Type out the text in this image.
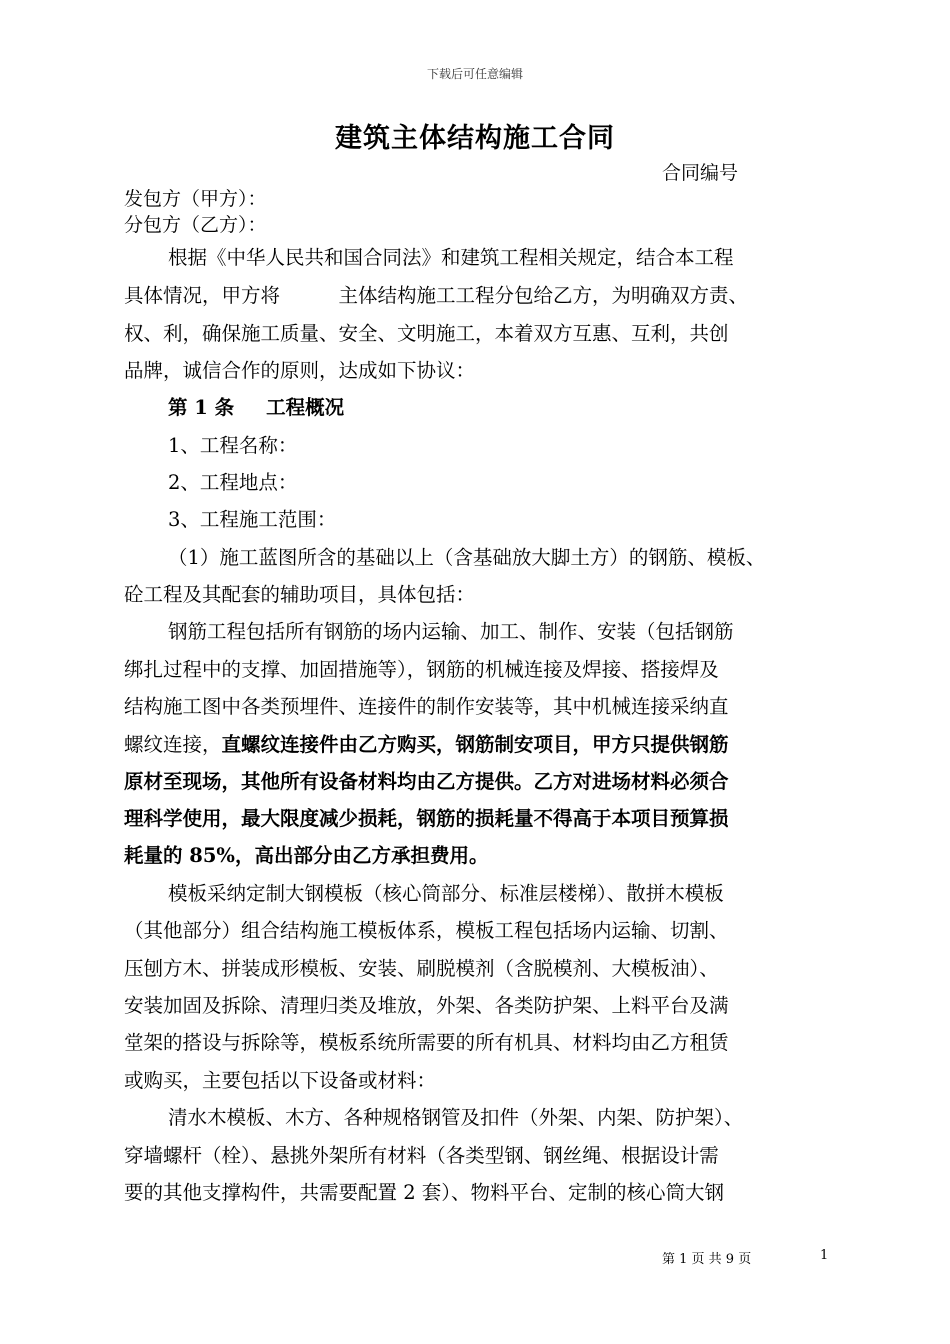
下载后可任意编辑
建筑主体结构施工合同
合同编号
发包方（甲方）：
分包方（乙方）：
根据《中华人民共和国合同法》和建筑工程相关规定，结合本工程
具体情况，甲方将　　　主体结构施工工程分包给乙方，为明确双方责、
权、利，确保施工质量、安全、文明施工，本着双方互惠、互利，共创
品牌，诚信合作的原则，达成如下协议：
第 1 条 工程概况
1、工程名称：
2、工程地点：
3、工程施工范围：
（1）施工蓝图所含的基础以上（含基础放大脚土方）的钢筋、模板、
砼工程及其配套的辅助项目，具体包括：
钢筋工程包括所有钢筋的场内运输、加工、制作、安装（包括钢筋
绑扎过程中的支撑、加固措施等），钢筋的机械连接及焊接、搭接焊及
结构施工图中各类预埋件、连接件的制作安装等，其中机械连接采纳直
螺纹连接，直螺纹连接件由乙方购买，钢筋制安项目，甲方只提供钢筋
原材至现场，其他所有设备材料均由乙方提供。乙方对进场材料必须合
理科学使用，最大限度减少损耗，钢筋的损耗量不得高于本项目预算损
耗量的 85%，高出部分由乙方承担费用。
模板采纳定制大钢模板（核心筒部分、标准层楼梯）、散拼木模板
（其他部分）组合结构施工模板体系，模板工程包括场内运输、切割、
压刨方木、拼装成形模板、安装、刷脱模剂（含脱模剂、大模板油）、
安装加固及拆除、清理归类及堆放，外架、各类防护架、上料平台及满
堂架的搭设与拆除等，模板系统所需要的所有机具、材料均由乙方租赁
或购买，主要包括以下设备或材料：
清水木模板、木方、各种规格钢管及扣件（外架、内架、防护架）、
穿墙螺杆（栓）、悬挑外架所有材料（各类型钢、钢丝绳、根据设计需
要的其他支撑构件，共需要配置 2 套）、物料平台、定制的核心筒大钢
第 1 页 共 9 页	1
